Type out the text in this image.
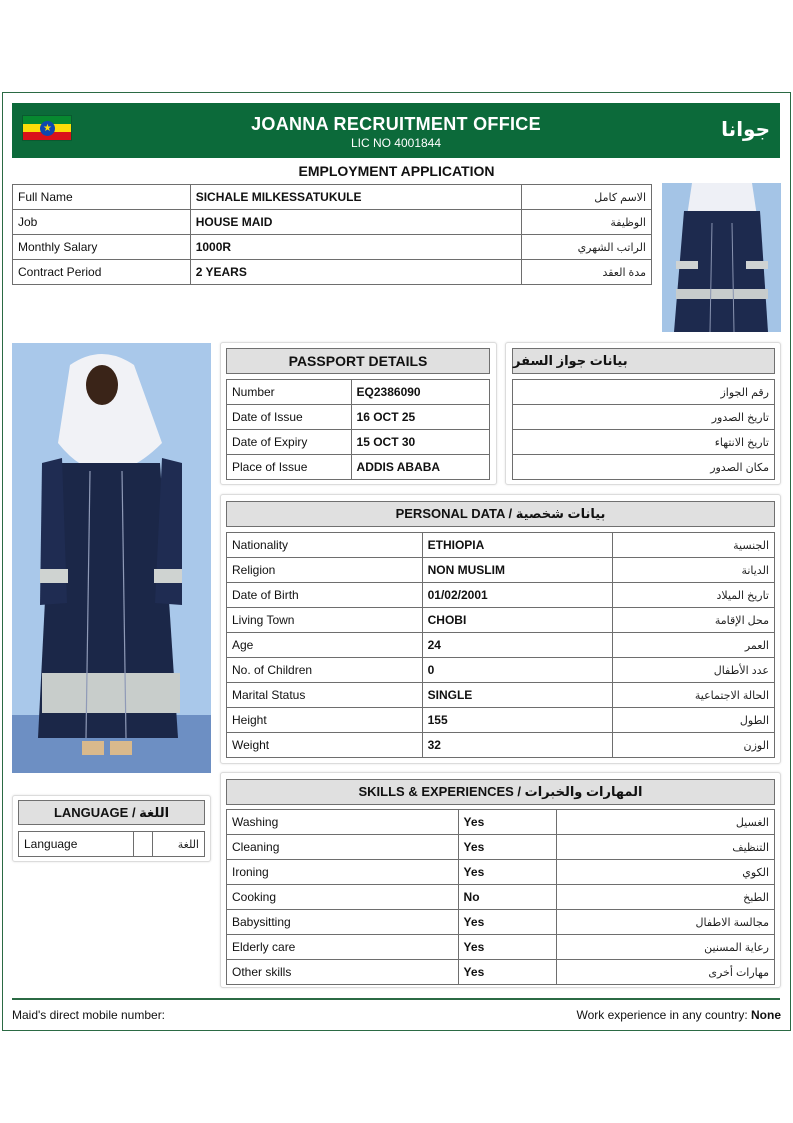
★	JOANNA RECRUITMENT OFFICE
LIC NO 4001844
جوانا
EMPLOYMENT APPLICATION
Full Name	SICHALE MILKESSATUKULE	الاسم كامل
Job	HOUSE MAID	الوظيفة
Monthly Salary	1000R	الراتب الشهري
Contract Period	2 YEARS	مدة العقد
PASSPORT DETAILS
Number	EQ2386090
Date of Issue	16 OCT 25
Date of Expiry	15 OCT 30
Place of Issue	ADDIS ABABA
بيانات جواز السفر
رقم الجواز
تاريخ الصدور
تاريخ الانتهاء
مكان الصدور
PERSONAL DATA / بيانات شخصية
Nationality	ETHIOPIA	الجنسية
Religion	NON MUSLIM	الديانة
Date of Birth	01/02/2001	تاريخ الميلاد
Living Town	CHOBI	محل الإقامة
Age	24	العمر
No. of Children	0	عدد الأطفال
Marital Status	SINGLE	الحالة الاجتماعية
Height	155	الطول
Weight	32	الوزن
LANGUAGE / اللغة
Language		اللغة
SKILLS & EXPERIENCES / المهارات والخبرات
Washing	Yes	الغسيل
Cleaning	Yes	التنظيف
Ironing	Yes	الكوي
Cooking	No	الطبخ
Babysitting	Yes	مجالسة الاطفال
Elderly care	Yes	رعاية المسنين
Other skills	Yes	مهارات أخرى
Maid's direct mobile number:	Work experience in any country: None
